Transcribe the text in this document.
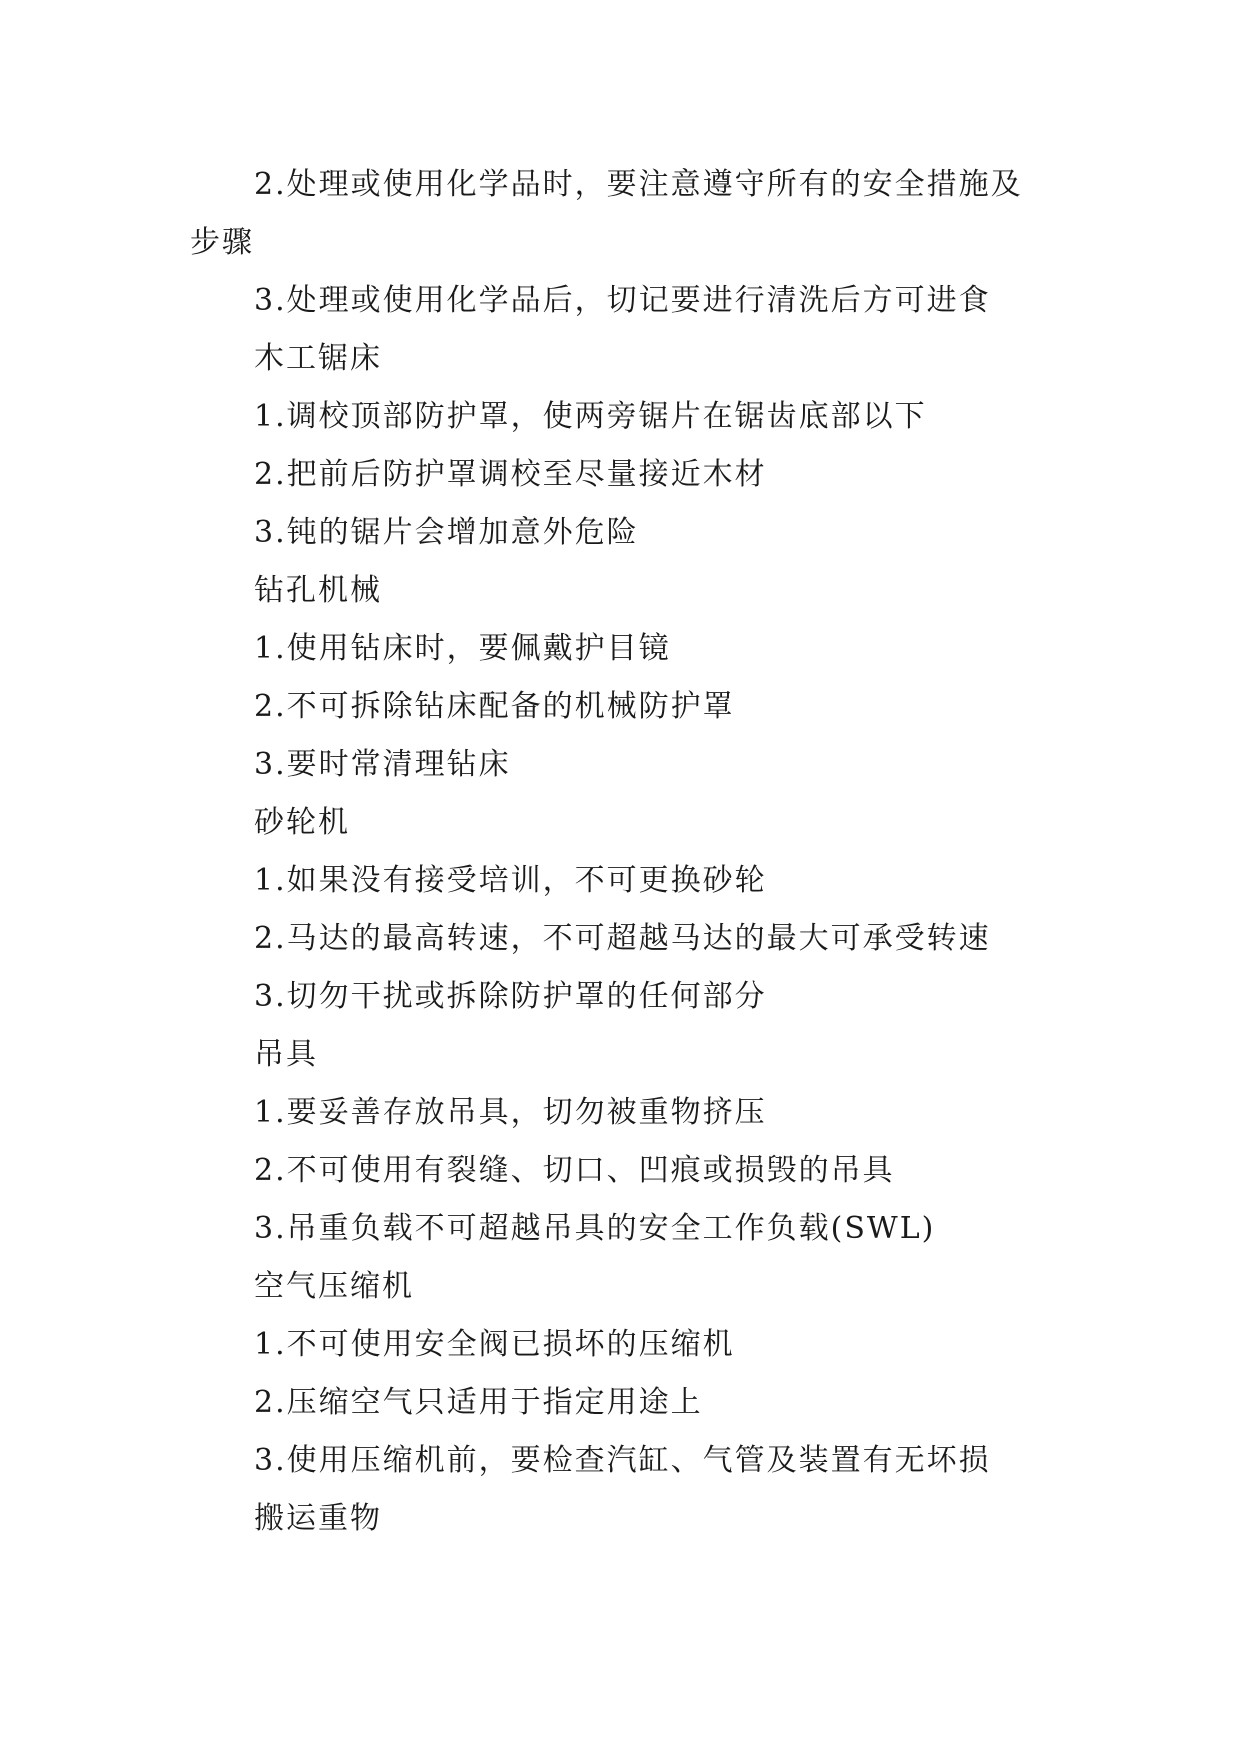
2.处理或使用化学品时，要注意遵守所有的安全措施及
步骤
3.处理或使用化学品后，切记要进行清洗后方可进食
木工锯床
1.调校顶部防护罩，使两旁锯片在锯齿底部以下
2.把前后防护罩调校至尽量接近木材
3.钝的锯片会增加意外危险
钻孔机械
1.使用钻床时，要佩戴护目镜
2.不可拆除钻床配备的机械防护罩
3.要时常清理钻床
砂轮机
1.如果没有接受培训，不可更换砂轮
2.马达的最高转速，不可超越马达的最大可承受转速
3.切勿干扰或拆除防护罩的任何部分
吊具
1.要妥善存放吊具，切勿被重物挤压
2.不可使用有裂缝、切口、凹痕或损毁的吊具
3.吊重负载不可超越吊具的安全工作负载(SWL)
空气压缩机
1.不可使用安全阀已损坏的压缩机
2.压缩空气只适用于指定用途上
3.使用压缩机前，要检查汽缸、气管及装置有无坏损
搬运重物
